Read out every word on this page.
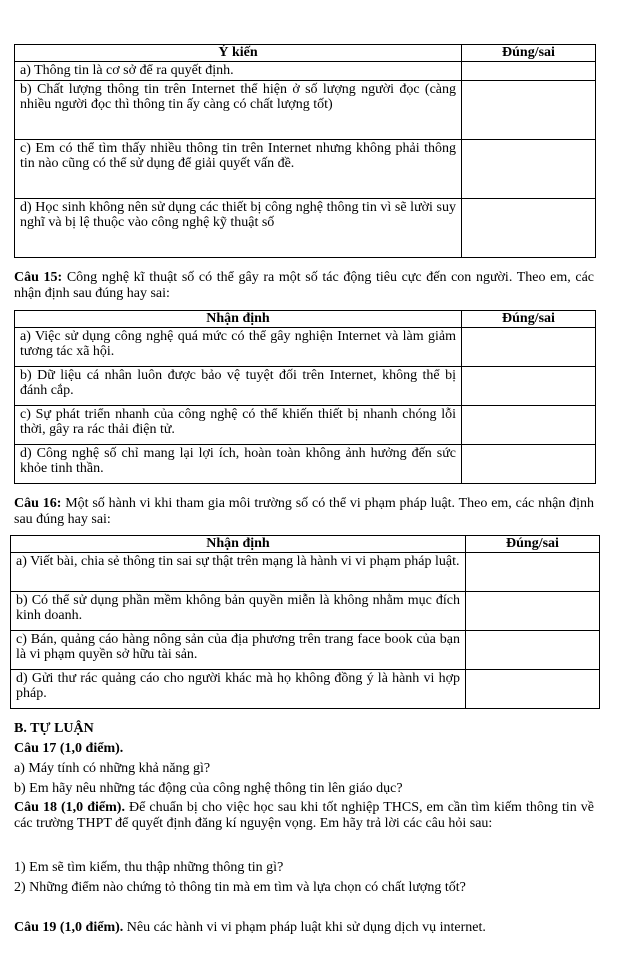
Ý kiến	Đúng/sai
a) Thông tin là cơ sở để ra quyết định.	
b) Chất lượng thông tin trên Internet thể hiện ở số lượng người đọc (càng nhiều người đọc thì thông tin ấy càng có chất lượng tốt)	
c) Em có thể tìm thấy nhiều thông tin trên Internet nhưng không phải thông tin nào cũng có thể sử dụng để giải quyết vấn đề.	
d) Học sinh không nên sử dụng các thiết bị công nghệ thông tin vì sẽ lười suy nghĩ và bị lệ thuộc vào công nghệ kỹ thuật số	
Câu 15: Công nghệ kĩ thuật số có thể gây ra một số tác động tiêu cực đến con người. Theo em, các nhận định sau đúng hay sai:
Nhận định	Đúng/sai
a) Việc sử dụng công nghệ quá mức có thể gây nghiện Internet và làm giảm tương tác xã hội.	
b) Dữ liệu cá nhân luôn được bảo vệ tuyệt đối trên Internet, không thể bị đánh cắp.	
c) Sự phát triển nhanh của công nghệ có thể khiến thiết bị nhanh chóng lỗi thời, gây ra rác thải điện tử.	
d) Công nghệ số chỉ mang lại lợi ích, hoàn toàn không ảnh hưởng đến sức khỏe tinh thần.	
Câu 16: Một số hành vi khi tham gia môi trường số có thể vi phạm pháp luật. Theo em, các nhận định sau đúng hay sai:
Nhận định	Đúng/sai
a) Viết bài, chia sẻ thông tin sai sự thật trên mạng là hành vi vi phạm pháp luật.	
b) Có thể sử dụng phần mềm không bản quyền miễn là không nhằm mục đích kinh doanh.	
c) Bán, quảng cáo hàng nông sản của địa phương trên trang face book của bạn là vi phạm quyền sở hữu tài sản.	
d) Gửi thư rác quảng cáo cho người khác mà họ không đồng ý là hành vi hợp pháp.	
B. TỰ LUẬN
Câu 17 (1,0 điểm).
a) Máy tính có những khả năng gì?
b) Em hãy nêu những tác động của công nghệ thông tin lên giáo dục?
Câu 18 (1,0 điểm). Để chuẩn bị cho việc học sau khi tốt nghiệp THCS, em cần tìm kiếm thông tin về các trường THPT để quyết định đăng kí nguyện vọng. Em hãy trả lời các câu hỏi sau:
1) Em sẽ tìm kiếm, thu thập những thông tin gì?
2) Những điểm nào chứng tỏ thông tin mà em tìm và lựa chọn có chất lượng tốt?
Câu 19 (1,0 điểm). Nêu các hành vi vi phạm pháp luật khi sử dụng dịch vụ internet.
